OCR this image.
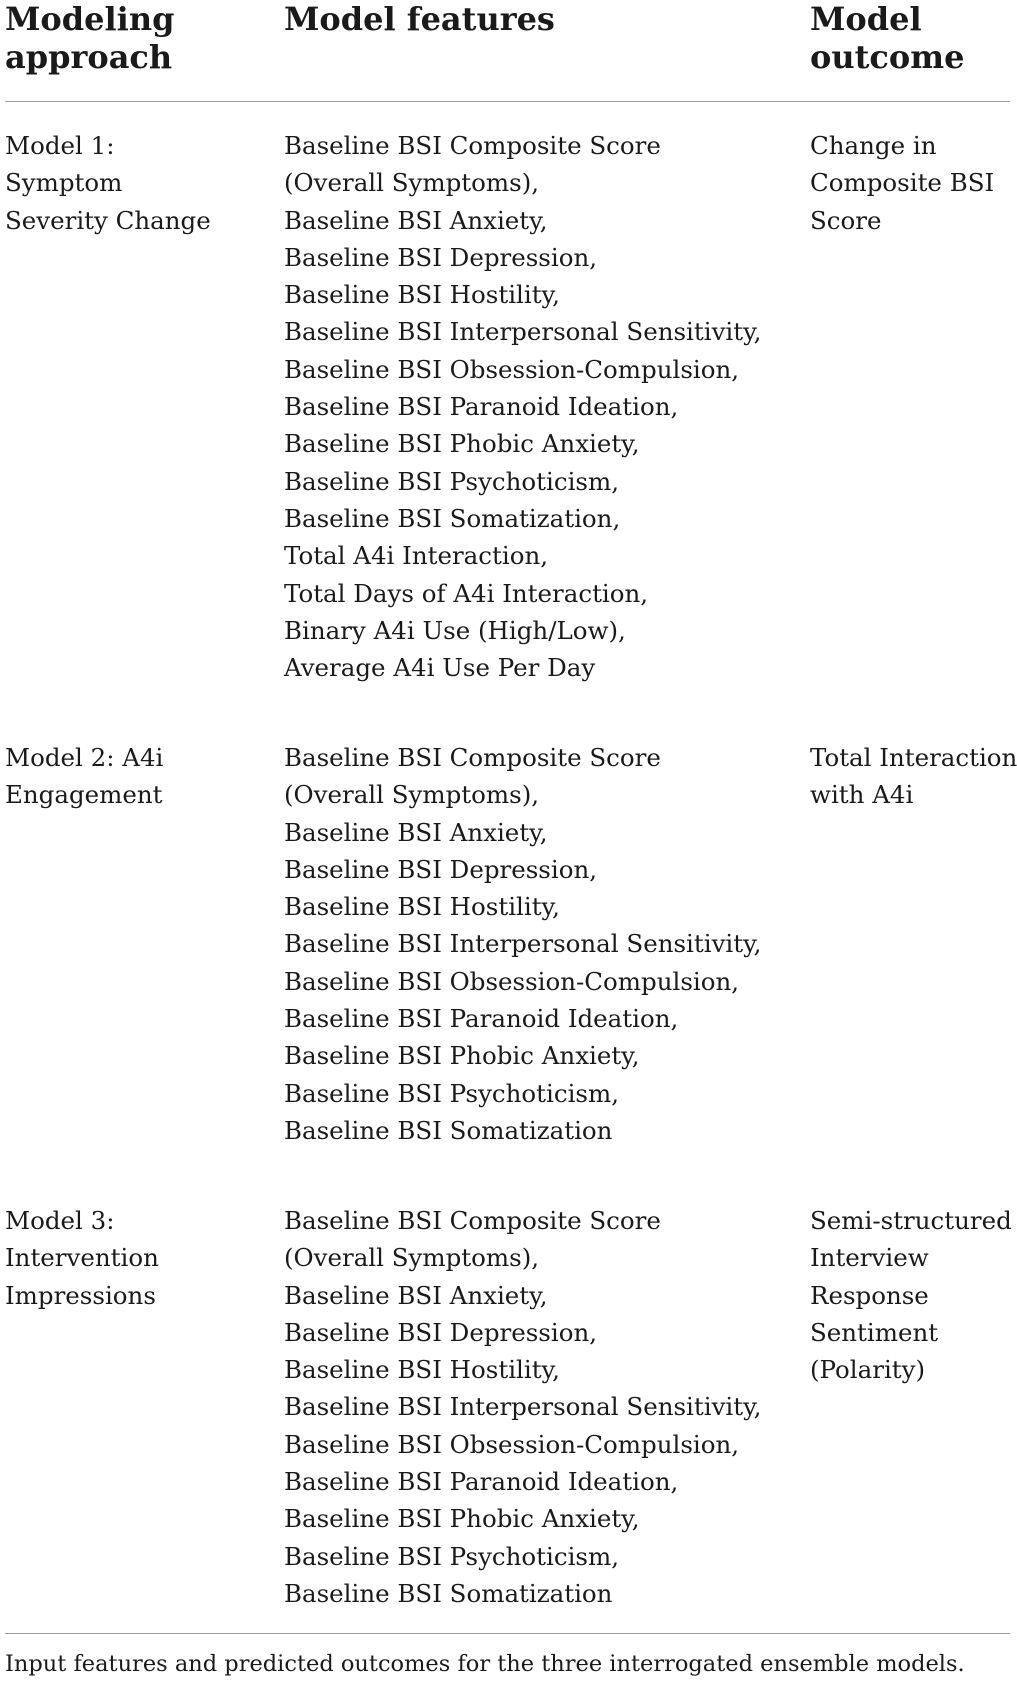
Modeling
approach
Model features	Model
outcome
Model 1:
Symptom
Severity Change
Baseline BSI Composite Score
(Overall Symptoms),
Baseline BSI Anxiety,
Baseline BSI Depression,
Baseline BSI Hostility,
Baseline BSI Interpersonal Sensitivity,
Baseline BSI Obsession-Compulsion,
Baseline BSI Paranoid Ideation,
Baseline BSI Phobic Anxiety,
Baseline BSI Psychoticism,
Baseline BSI Somatization,
Total A4i Interaction,
Total Days of A4i Interaction,
Binary A4i Use (High/Low),
Average A4i Use Per Day
Change in
Composite BSI
Score
Model 2: A4i
Engagement
Baseline BSI Composite Score
(Overall Symptoms),
Baseline BSI Anxiety,
Baseline BSI Depression,
Baseline BSI Hostility,
Baseline BSI Interpersonal Sensitivity,
Baseline BSI Obsession-Compulsion,
Baseline BSI Paranoid Ideation,
Baseline BSI Phobic Anxiety,
Baseline BSI Psychoticism,
Baseline BSI Somatization
Total Interaction
with A4i
Model 3:
Intervention
Impressions
Baseline BSI Composite Score
(Overall Symptoms),
Baseline BSI Anxiety,
Baseline BSI Depression,
Baseline BSI Hostility,
Baseline BSI Interpersonal Sensitivity,
Baseline BSI Obsession-Compulsion,
Baseline BSI Paranoid Ideation,
Baseline BSI Phobic Anxiety,
Baseline BSI Psychoticism,
Baseline BSI Somatization
Semi-structured
Interview
Response
Sentiment
(Polarity)
Input features and predicted outcomes for the three interrogated ensemble models.
